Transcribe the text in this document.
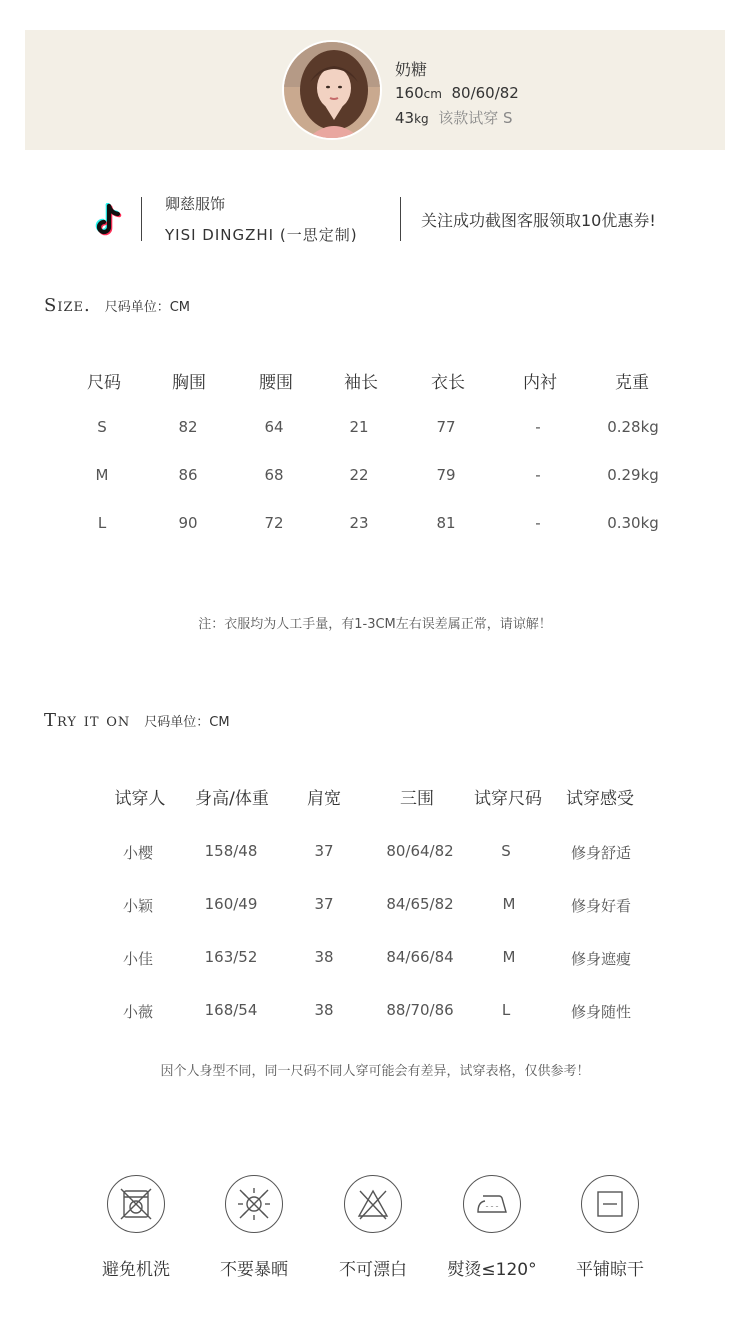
奶糖
160cm 80/60/82
43kg 该款试穿 S
卿慈服饰
YISI DINGZHI (一思定制)
关注成功截图客服领取10优惠券!
Size. 尺码单位：CM
尺码	胸围	腰围	袖长	衣长	内衬	克重
S	82	64	21	77	-	0.28kg
M	86	68	22	79	-	0.29kg
L	90	72	23	81	-	0.30kg
注：衣服均为人工手量，有1-3CM左右误差属正常，请谅解！
Try it on 尺码单位：CM
试穿人 身高/体重 肩宽	三围 试穿尺码 试穿感受
小樱	158/48	37	80/64/82	S	修身舒适
小颖	160/49	37	84/65/82	M	修身好看
小佳	163/52	38	84/66/84	M	修身遮瘦
小薇	168/54	38	88/70/86	L	修身随性
因个人身型不同，同一尺码不同人穿可能会有差异，试穿表格，仅供参考！
避免机洗	不要暴晒	不可漂白	熨烫≤120°	平铺晾干
